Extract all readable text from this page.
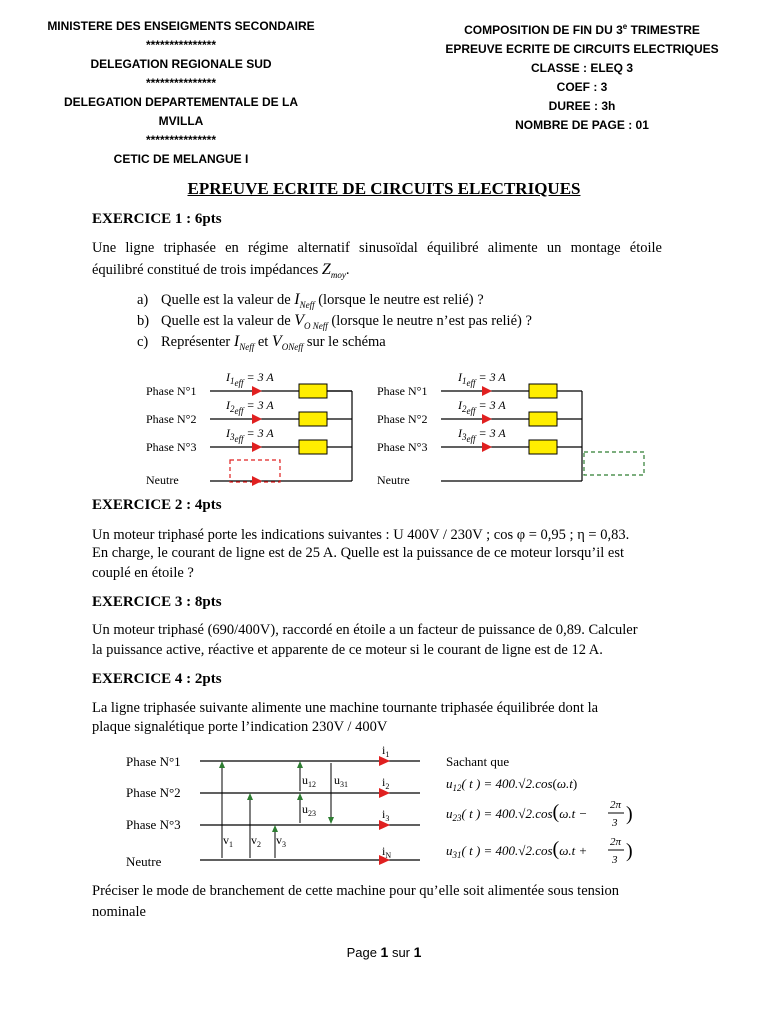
MINISTERE DES ENSEIGMENTS SECONDAIRE
***************
DELEGATION REGIONALE SUD
***************
DELEGATION DEPARTEMENTALE DE LA
MVILLA
***************
CETIC DE MELANGUE I
COMPOSITION DE FIN DU 3e TRIMESTRE
EPREUVE ECRITE DE CIRCUITS ELECTRIQUES
CLASSE : ELEQ 3
COEF : 3
DUREE : 3h
NOMBRE DE PAGE : 01
EPREUVE ECRITE DE CIRCUITS ELECTRIQUES
EXERCICE 1 : 6pts
Une ligne triphasée en régime alternatif sinusoïdal équilibré alimente un montage étoile
équilibré constitué de trois impédances $Z_{moy}$.
a) Quelle est la valeur de $I_{Neff}$ (lorsque le neutre est relié) ?
b) Quelle est la valeur de $V_{O Neff}$ (lorsque le neutre n’est pas relié) ?
c) Représenter $I_{Neff}$ et $V_{ONeff}$ sur le schéma
Phase N°1
Phase N°2
Phase N°3
Neutre
$I_1eff = 3$ A
$I_2eff = 3$ A
$I_3eff = 3$ A
Phase N°1
Phase N°2
Phase N°3
Neutre
$I_1eff = 3$ A
$I_2eff = 3$ A
$I_3eff = 3$ A
EXERCICE 2 : 4pts
Un moteur triphasé porte les indications suivantes : U 400V / 230V ; cos φ = 0,95 ; η = 0,83.
En charge, le courant de ligne est de 25 A. Quelle est la puissance de ce moteur lorsqu’il est
couplé en étoile ?
EXERCICE 3 : 8pts
Un moteur triphasé (690/400V), raccordé en étoile a un facteur de puissance de 0,89. Calculer
la puissance active, réactive et apparente de ce moteur si le courant de ligne est de 12 A.
EXERCICE 4 : 2pts
La ligne triphasée suivante alimente une machine tournante triphasée équilibrée dont la
plaque signalétique porte l’indication 230V / 400V
Phase N°1
Phase N°2
Phase N°3
Neutre
$i_1$
$i_2$
$i_3$
$i_N$
$u_{12}$ $u_{31}$
$u_{23}$
$v_1$ $v_2$ $v_3$
Sachant que
$u_{12}$( t ) = 400.√2.cos(ω.t)
$u_{23}$( t ) = 400.√2.cos(ω.t −
2π
3 )
$u_{31}$( t ) = 400.√2.cos(ω.t +
2π
3 )
Préciser le mode de branchement de cette machine pour qu’elle soit alimentée sous tension
nominale
Page 1 sur 1
